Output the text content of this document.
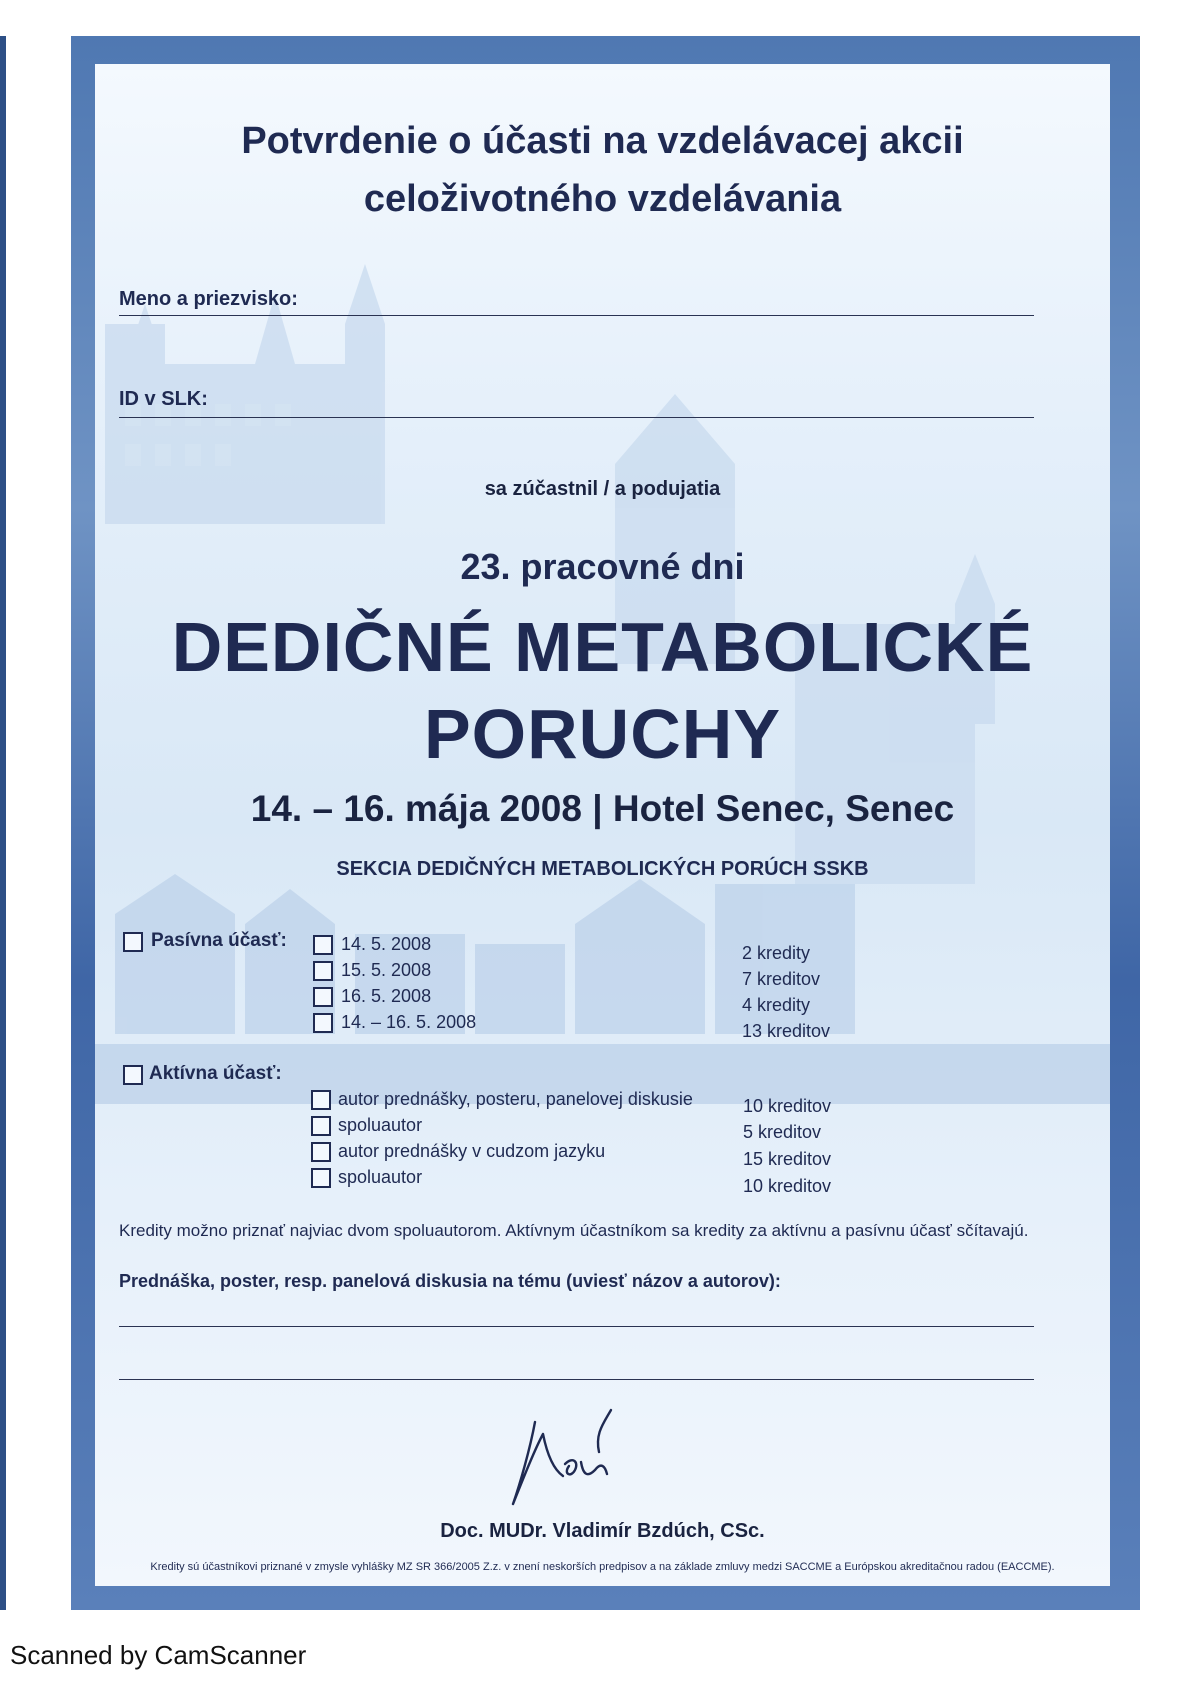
Potvrdenie o účasti na vzdelávacej akcii
celoživotného vzdelávania
Meno a priezvisko:
ID v SLK:
sa zúčastnil / a podujatia
23. pracovné dni
DEDIČNÉ METABOLICKÉ
PORUCHY
14. – 16. mája 2008 | Hotel Senec, Senec
SEKCIA DEDIČNÝCH METABOLICKÝCH PORÚCH SSKB
Pasívna účasť:	14. 5. 2008	2 kredity
15. 5. 2008	7 kreditov
16. 5. 2008	4 kredity
14. – 16. 5. 2008	13 kreditov
Aktívna účasť:
autor prednášky, posteru, panelovej diskusie	10 kreditov
spoluautor	5 kreditov
autor prednášky v cudzom jazyku	15 kreditov
spoluautor	10 kreditov
Kredity možno priznať najviac dvom spoluautorom. Aktívnym účastníkom sa kredity za aktívnu a pasívnu účasť sčítavajú.
Prednáška, poster, resp. panelová diskusia na tému (uviesť názov a autorov):
Doc. MUDr. Vladimír Bzdúch, CSc.
Kredity sú účastníkovi priznané v zmysle vyhlášky MZ SR 366/2005 Z.z. v znení neskorších predpisov a na základe zmluvy medzi SACCME a Európskou akreditačnou radou (EACCME).
Scanned by CamScanner
